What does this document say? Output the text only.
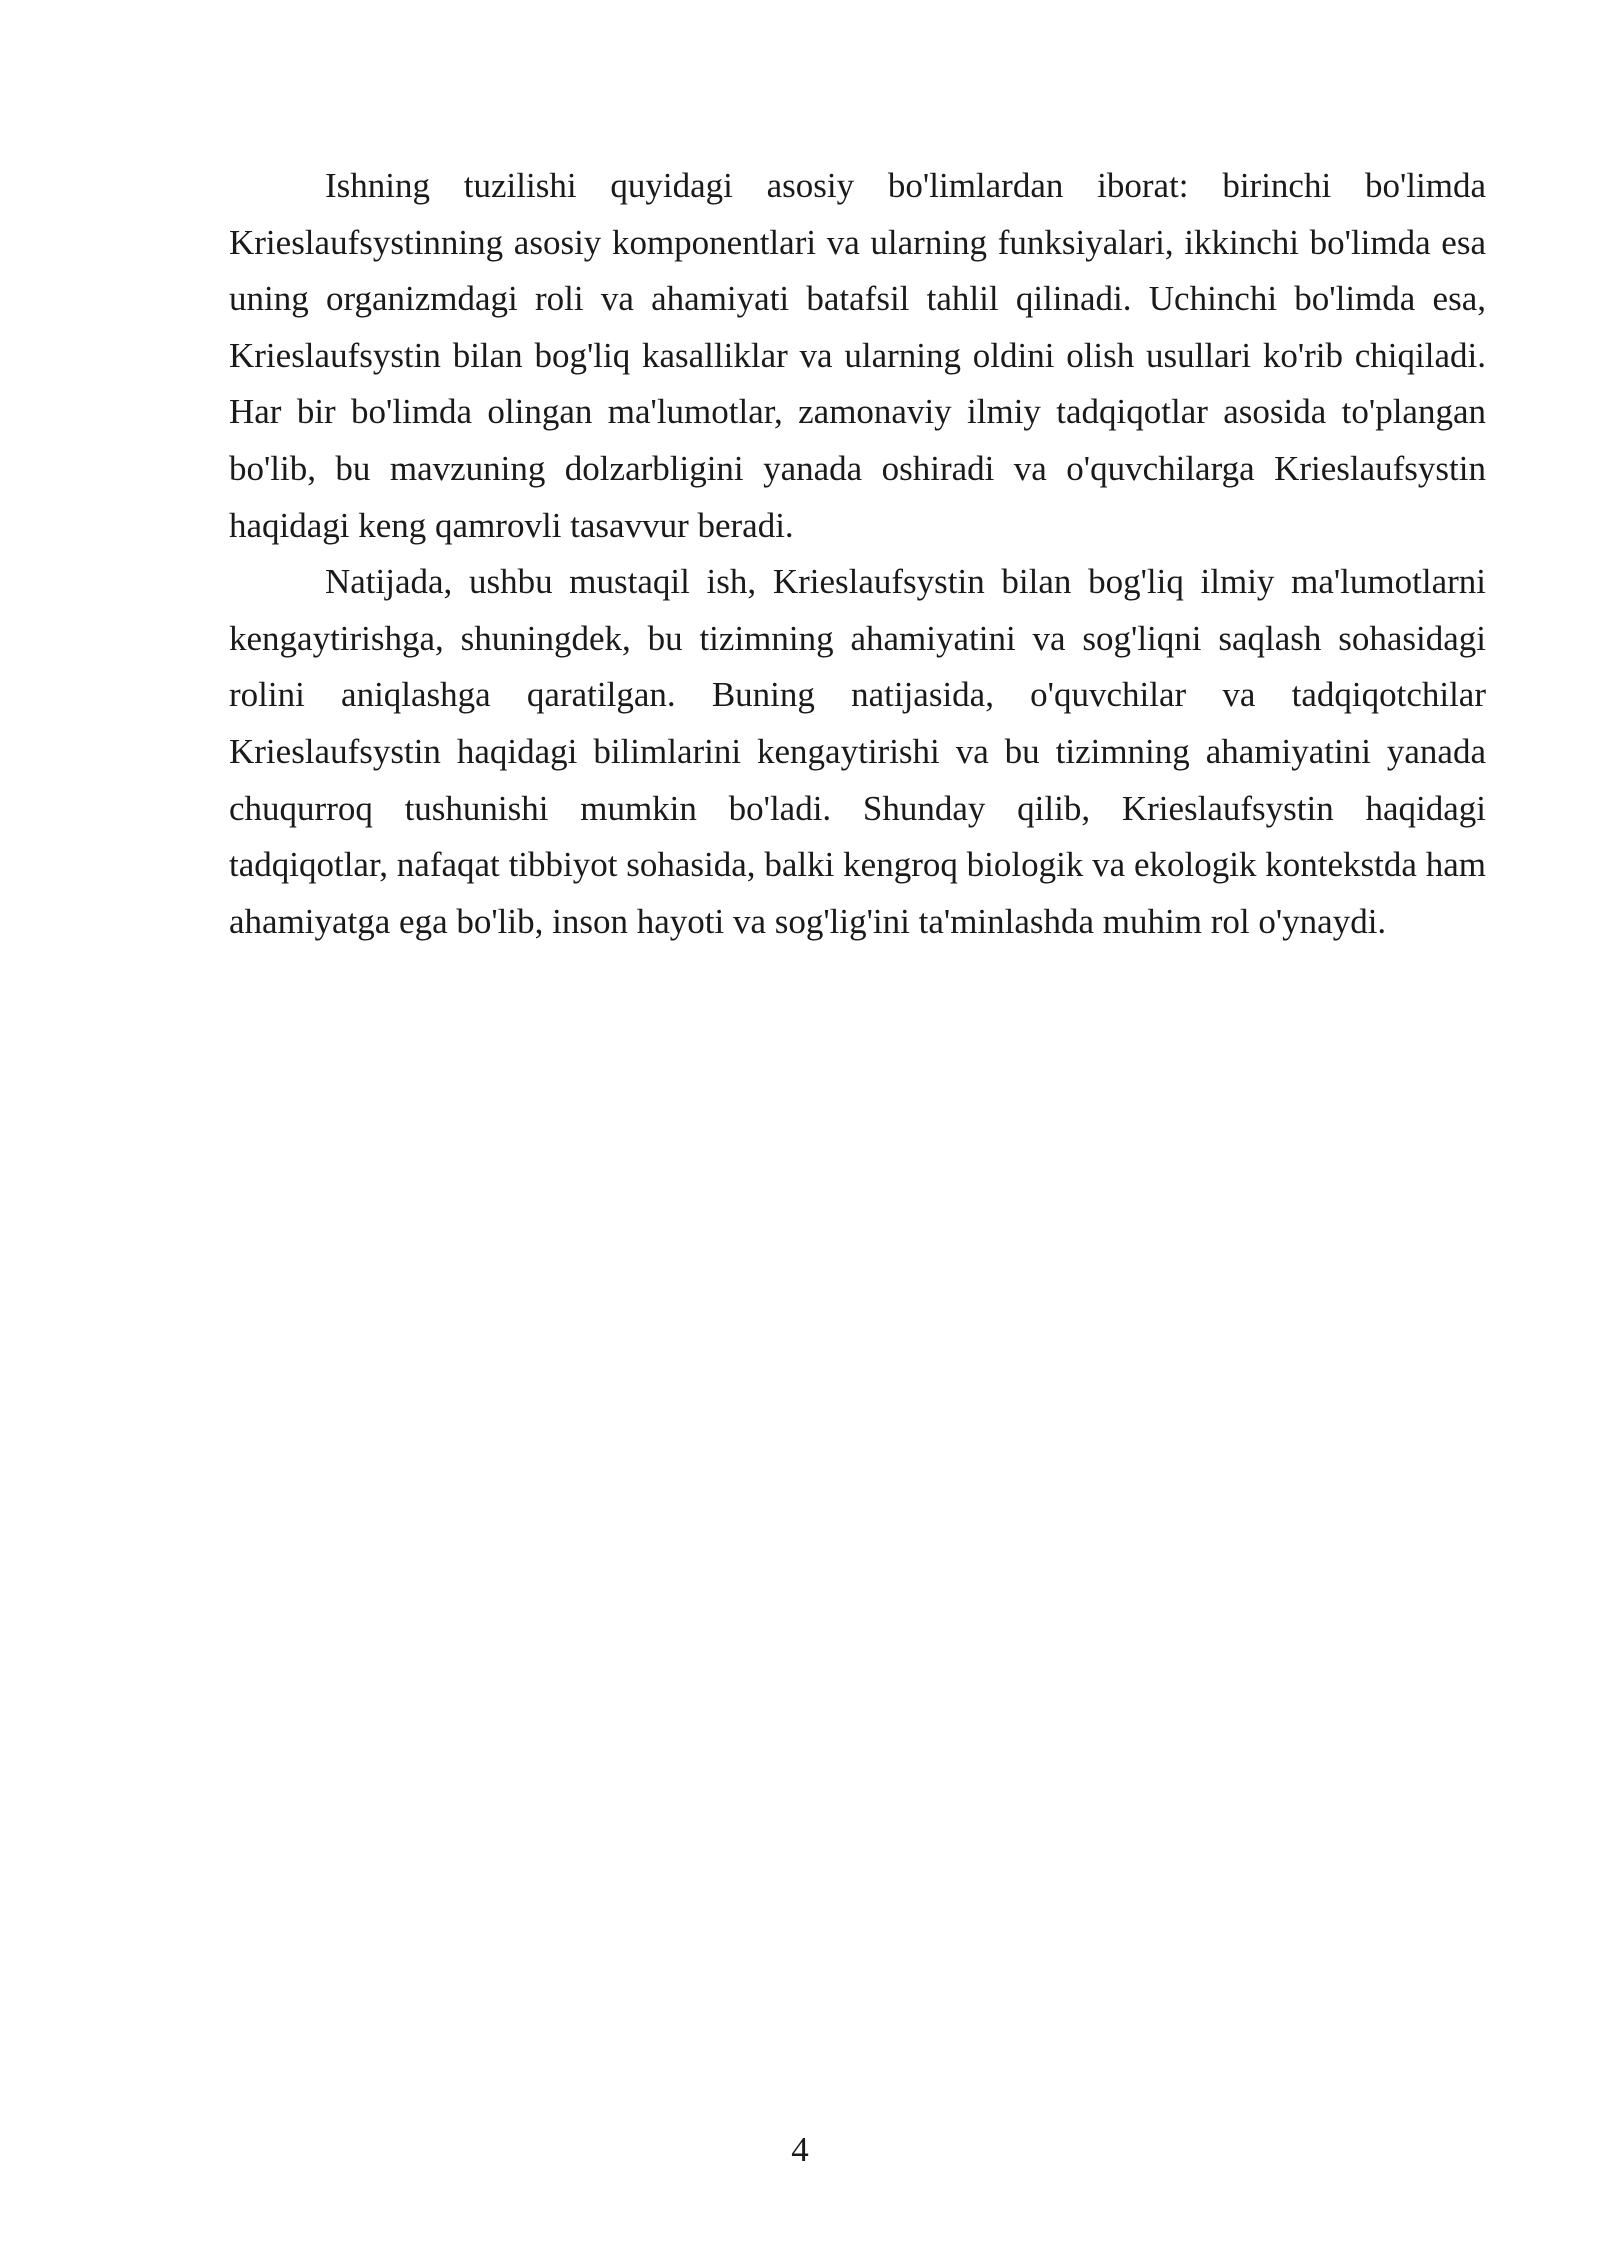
Ishning tuzilishi quyidagi asosiy bo'limlardan iborat: birinchi bo'limda Krieslaufsystinning asosiy komponentlari va ularning funksiyalari, ikkinchi bo'limda esa uning organizmdagi roli va ahamiyati batafsil tahlil qilinadi. Uchinchi bo'limda esa, Krieslaufsystin bilan bog'liq kasalliklar va ularning oldini olish usullari ko'rib chiqiladi. Har bir bo'limda olingan ma'lumotlar, zamonaviy ilmiy tadqiqotlar asosida to'plangan bo'lib, bu mavzuning dolzarbligini yanada oshiradi va o'quvchilarga Krieslaufsystin haqidagi keng qamrovli tasavvur beradi.

Natijada, ushbu mustaqil ish, Krieslaufsystin bilan bog'liq ilmiy ma'lumotlarni kengaytirishga, shuningdek, bu tizimning ahamiyatini va sog'liqni saqlash sohasidagi rolini aniqlashga qaratilgan. Buning natijasida, o'quvchilar va tadqiqotchilar Krieslaufsystin haqidagi bilimlarini kengaytirishi va bu tizimning ahamiyatini yanada chuqurroq tushunishi mumkin bo'ladi. Shunday qilib, Krieslaufsystin haqidagi tadqiqotlar, nafaqat tibbiyot sohasida, balki kengroq biologik va ekologik kontekstda ham ahamiyatga ega bo'lib, inson hayoti va sog'lig'ini ta'minlashda muhim rol o'ynaydi.

4
